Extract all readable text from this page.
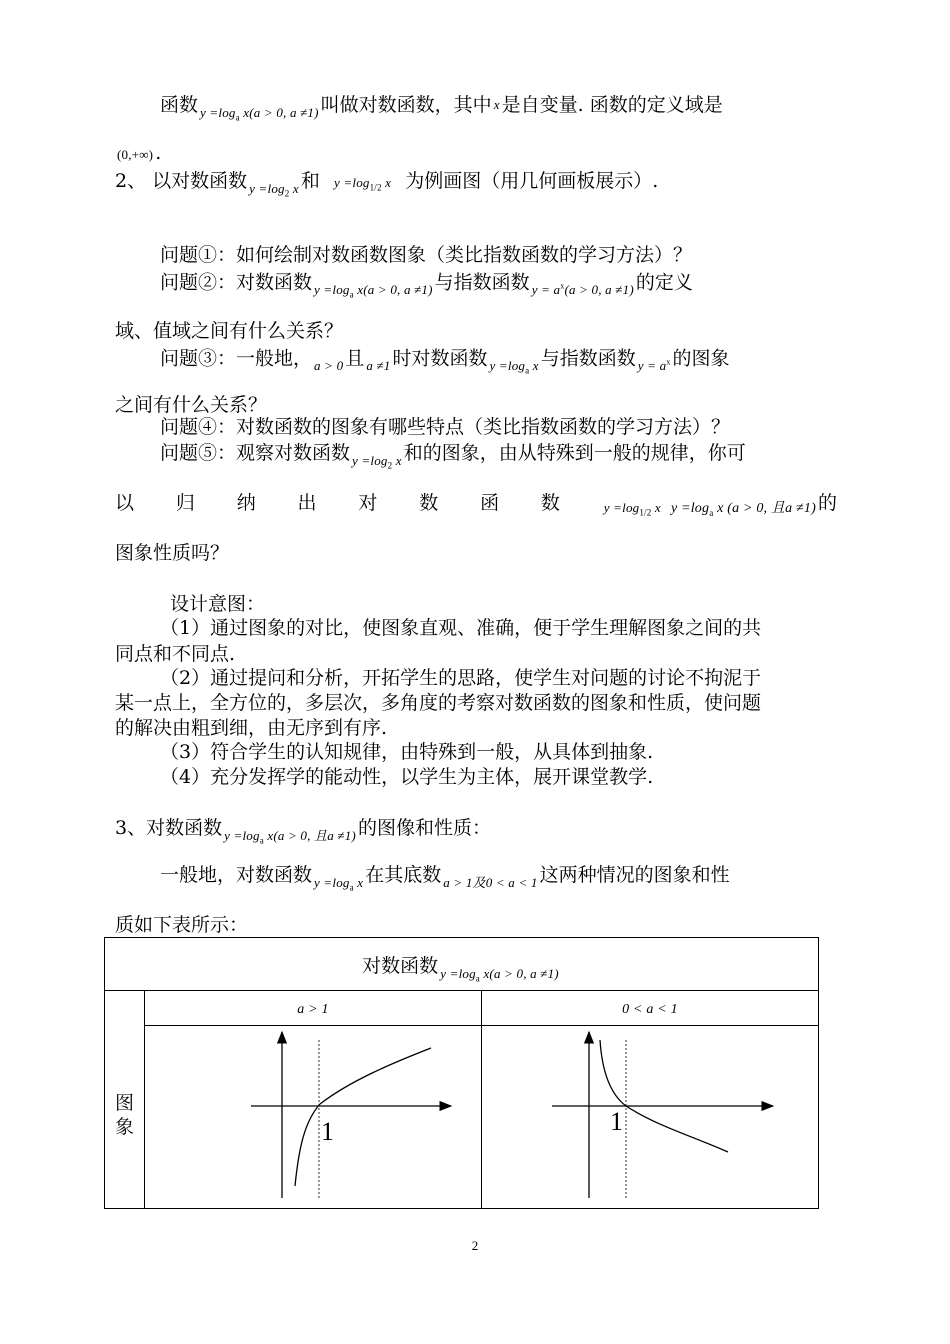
函数 $_{y =log_a x(a > 0, a \ne 1)}$ 叫做对数函数，其中 x 是自变量. 函数的定义域是
(0,+∞) .
2、 以对数函数 $_{y =log_2 x}$ 和 $y =\log_{1/2}$ x 为例画图（用几何画板展示）.
问题①：如何绘制对数函数图象（类比指数函数的学习方法）？
问题②：对数函数 $_{y =log_a x(a > 0, a \ne 1)}$ 与指数函数 $_{y = a^x(a > 0, a \ne 1)}$ 的定义
域、值域之间有什么关系？
问题③：一般地， $_{a > 0}$ 且 $_{a \ne 1}$ 时对数函数 $_{y =log_a x}$ 与指数函数 $_{y = a^x}$ 的图象
之间有什么关系？
问题④：对数函数的图象有哪些特点（类比指数函数的学习方法）？
问题⑤：观察对数函数 $_{y =log_2 x}$ 和的图象，由从特殊到一般的规律，你可
以 归 纳 出 对 数 函 数	$y =\log_{1/2}$ x $y =\log_a$ x (a > 0, 且a ≠1) 的
图象性质吗？
设计意图：
（1）通过图象的对比，使图象直观、准确，便于学生理解图象之间的共
同点和不同点.
（2）通过提问和分析，开拓学生的思路，使学生对问题的讨论不拘泥于
某一点上，全方位的，多层次，多角度的考察对数函数的图象和性质，使问题
的解决由粗到细，由无序到有序.
（3）符合学生的认知规律，由特殊到一般，从具体到抽象.
（4）充分发挥学的能动性，以学生为主体，展开课堂教学.
3、对数函数 $_{y =log_a x(a > 0, 且a \ne 1)}$ 的图像和性质：
一般地，对数函数 $_{y =log_a x}$ 在其底数 $_{a > 1及0 < a < 1}$ 这两种情况的图象和性
质如下表所示：
对数函数 $_{y =log_a x(a > 0, a \ne 1)}$

图
象	a > 1	0 < a < 1

1	1
2
